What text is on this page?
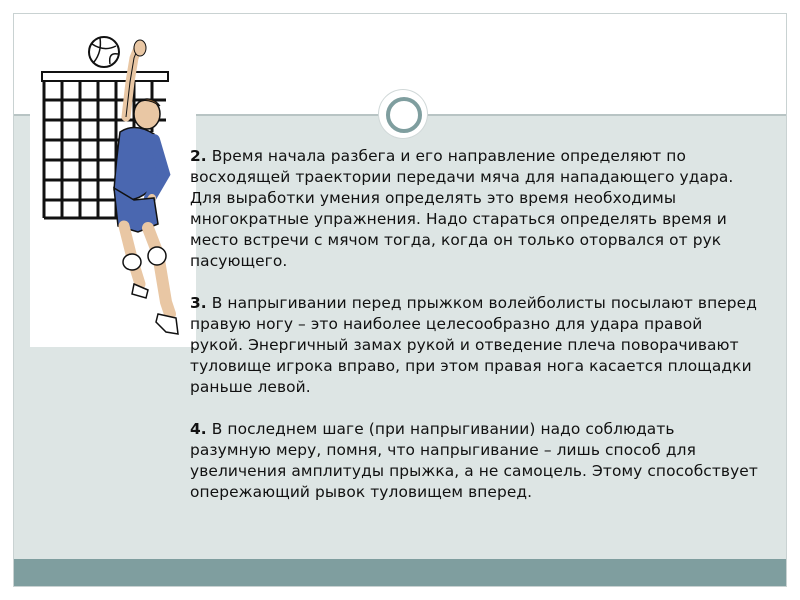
2. Время начала разбега и его направление определяют по восходящей траектории передачи мяча для нападающего удара. Для выработки умения определять это время необходимы многократные упражнения. Надо стараться определять время и место встречи с мячом тогда, когда он только оторвался от рук пасующего.

3. В напрыгивании перед прыжком волейболисты посылают вперед правую ногу – это наиболее целесообразно для удара правой рукой. Энергичный замах рукой и отведение плеча поворачивают туловище игрока вправо, при этом правая нога касается площадки раньше левой.

4. В последнем шаге (при напрыгивании) надо соблюдать разумную меру, помня, что напрыгивание – лишь способ для увеличения амплитуды прыжка, а не самоцель. Этому способствует опережающий рывок туловищем вперед.
